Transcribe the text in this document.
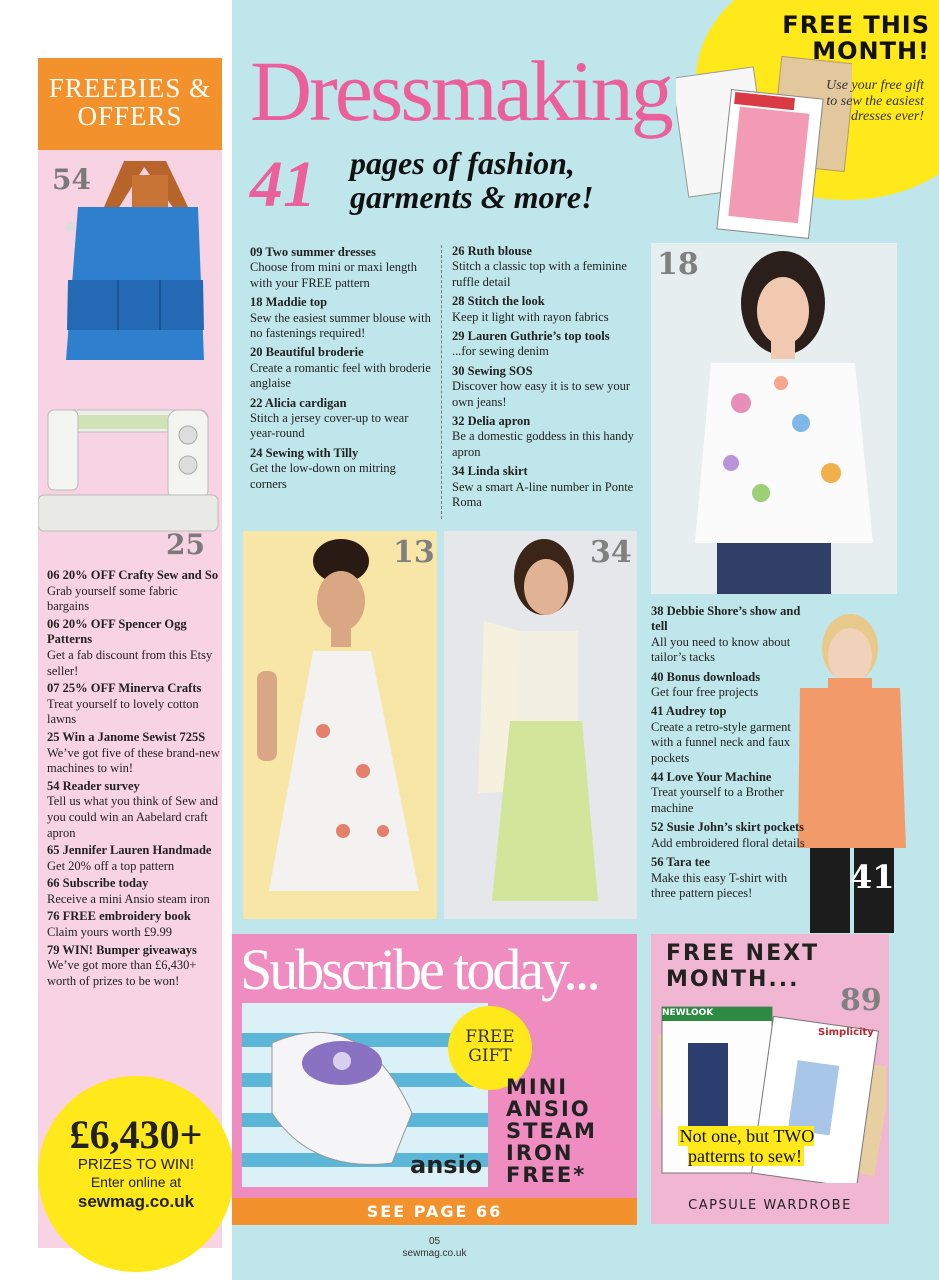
FREEBIES & OFFERS
54
25
06 20% OFF Crafty Sew and So
Grab yourself some fabric bargains
06 20% OFF Spencer Ogg Patterns
Get a fab discount from this Etsy seller!
07 25% OFF Minerva Crafts
Treat yourself to lovely cotton lawns
25 Win a Janome Sewist 725S
We’ve got five of these brand-new machines to win!
54 Reader survey
Tell us what you think of Sew and you could win an Aabelard craft apron
65 Jennifer Lauren Handmade
Get 20% off a top pattern
66 Subscribe today
Receive a mini Ansio steam iron
76 FREE embroidery book
Claim yours worth £9.99
79 WIN! Bumper giveaways
We’ve got more than £6,430+ worth of prizes to be won!
£6,430+
PRIZES TO WIN!
Enter online at
sewmag.co.uk
FREE THIS MONTH!
Use your free gift to sew the easiest dresses ever!
Dressmaking
41 pages of fashion, garments & more!
09 Two summer dresses
Choose from mini or maxi length with your FREE pattern
18 Maddie top
Sew the easiest summer blouse with no fastenings required!
20 Beautiful broderie
Create a romantic feel with broderie anglaise
22 Alicia cardigan
Stitch a jersey cover-up to wear year-round
24 Sewing with Tilly
Get the low-down on mitring corners
26 Ruth blouse
Stitch a classic top with a feminine ruffle detail
28 Stitch the look
Keep it light with rayon fabrics
29 Lauren Guthrie’s top tools
...for sewing denim
30 Sewing SOS
Discover how easy it is to sew your own jeans!
32 Delia apron
Be a domestic goddess in this handy apron
34 Linda skirt
Sew a smart A-line number in Ponte Roma
18
13	34
38 Debbie Shore’s show and tell
All you need to know about tailor’s tacks
40 Bonus downloads
Get four free projects
41 Audrey top
Create a retro-style garment with a funnel neck and faux pockets
44 Love Your Machine
Treat yourself to a Brother machine
52 Susie John’s skirt pockets
Add embroidered floral details
56 Tara tee
Make this easy T-shirt with three pattern pieces!	41
Subscribe today...
ansio
FREE GIFT
MINI ANSIO STEAM IRON FREE*
SEE PAGE 66
FREE NEXT MONTH...
89
NEWLOOK
Simplicity
Not one, but TWO patterns to sew!
CAPSULE WARDROBE
05
sewmag.co.uk
